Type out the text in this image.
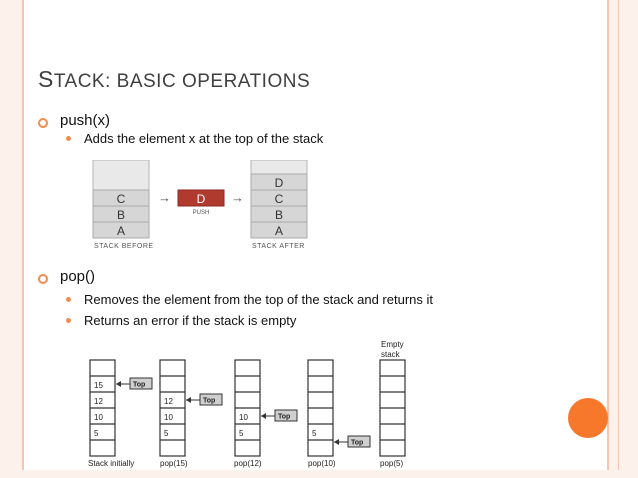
STACK: BASIC OPERATIONS
push(x)
Adds the element x at the top of the stack
C
B
A
STACK BEFORE
→ D
PUSH
→
D
C
B
A
STACK AFTER
pop()
Removes the element from the top of the stack and returns it
Returns an error if the stack is empty
15
12
10
5
Top
Stack initially
12
10
5
Top
pop(15)
10
5
Top
pop(12)
5
Top
pop(10)
Empty
stack
pop(5)
